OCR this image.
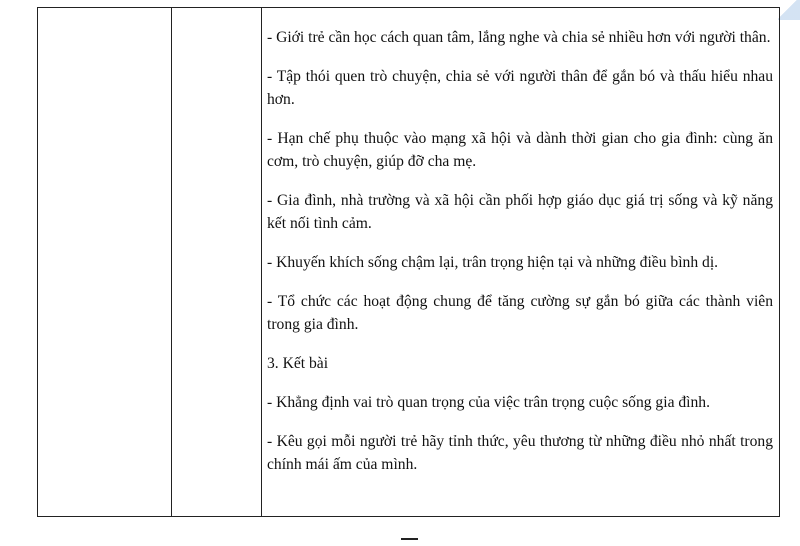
- Giới trẻ cần học cách quan tâm, lắng nghe và chia sẻ nhiều hơn với người thân.

- Tập thói quen trò chuyện, chia sẻ với người thân để gắn bó và thấu hiểu nhau hơn.

- Hạn chế phụ thuộc vào mạng xã hội và dành thời gian cho gia đình: cùng ăn cơm, trò chuyện, giúp đỡ cha mẹ.

- Gia đình, nhà trường và xã hội cần phối hợp giáo dục giá trị sống và kỹ năng kết nối tình cảm.

- Khuyến khích sống chậm lại, trân trọng hiện tại và những điều bình dị.

- Tổ chức các hoạt động chung để tăng cường sự gắn bó giữa các thành viên trong gia đình.

3. Kết bài

- Khẳng định vai trò quan trọng của việc trân trọng cuộc sống gia đình.

- Kêu gọi mỗi người trẻ hãy tỉnh thức, yêu thương từ những điều nhỏ nhất trong chính mái ấm của mình.
